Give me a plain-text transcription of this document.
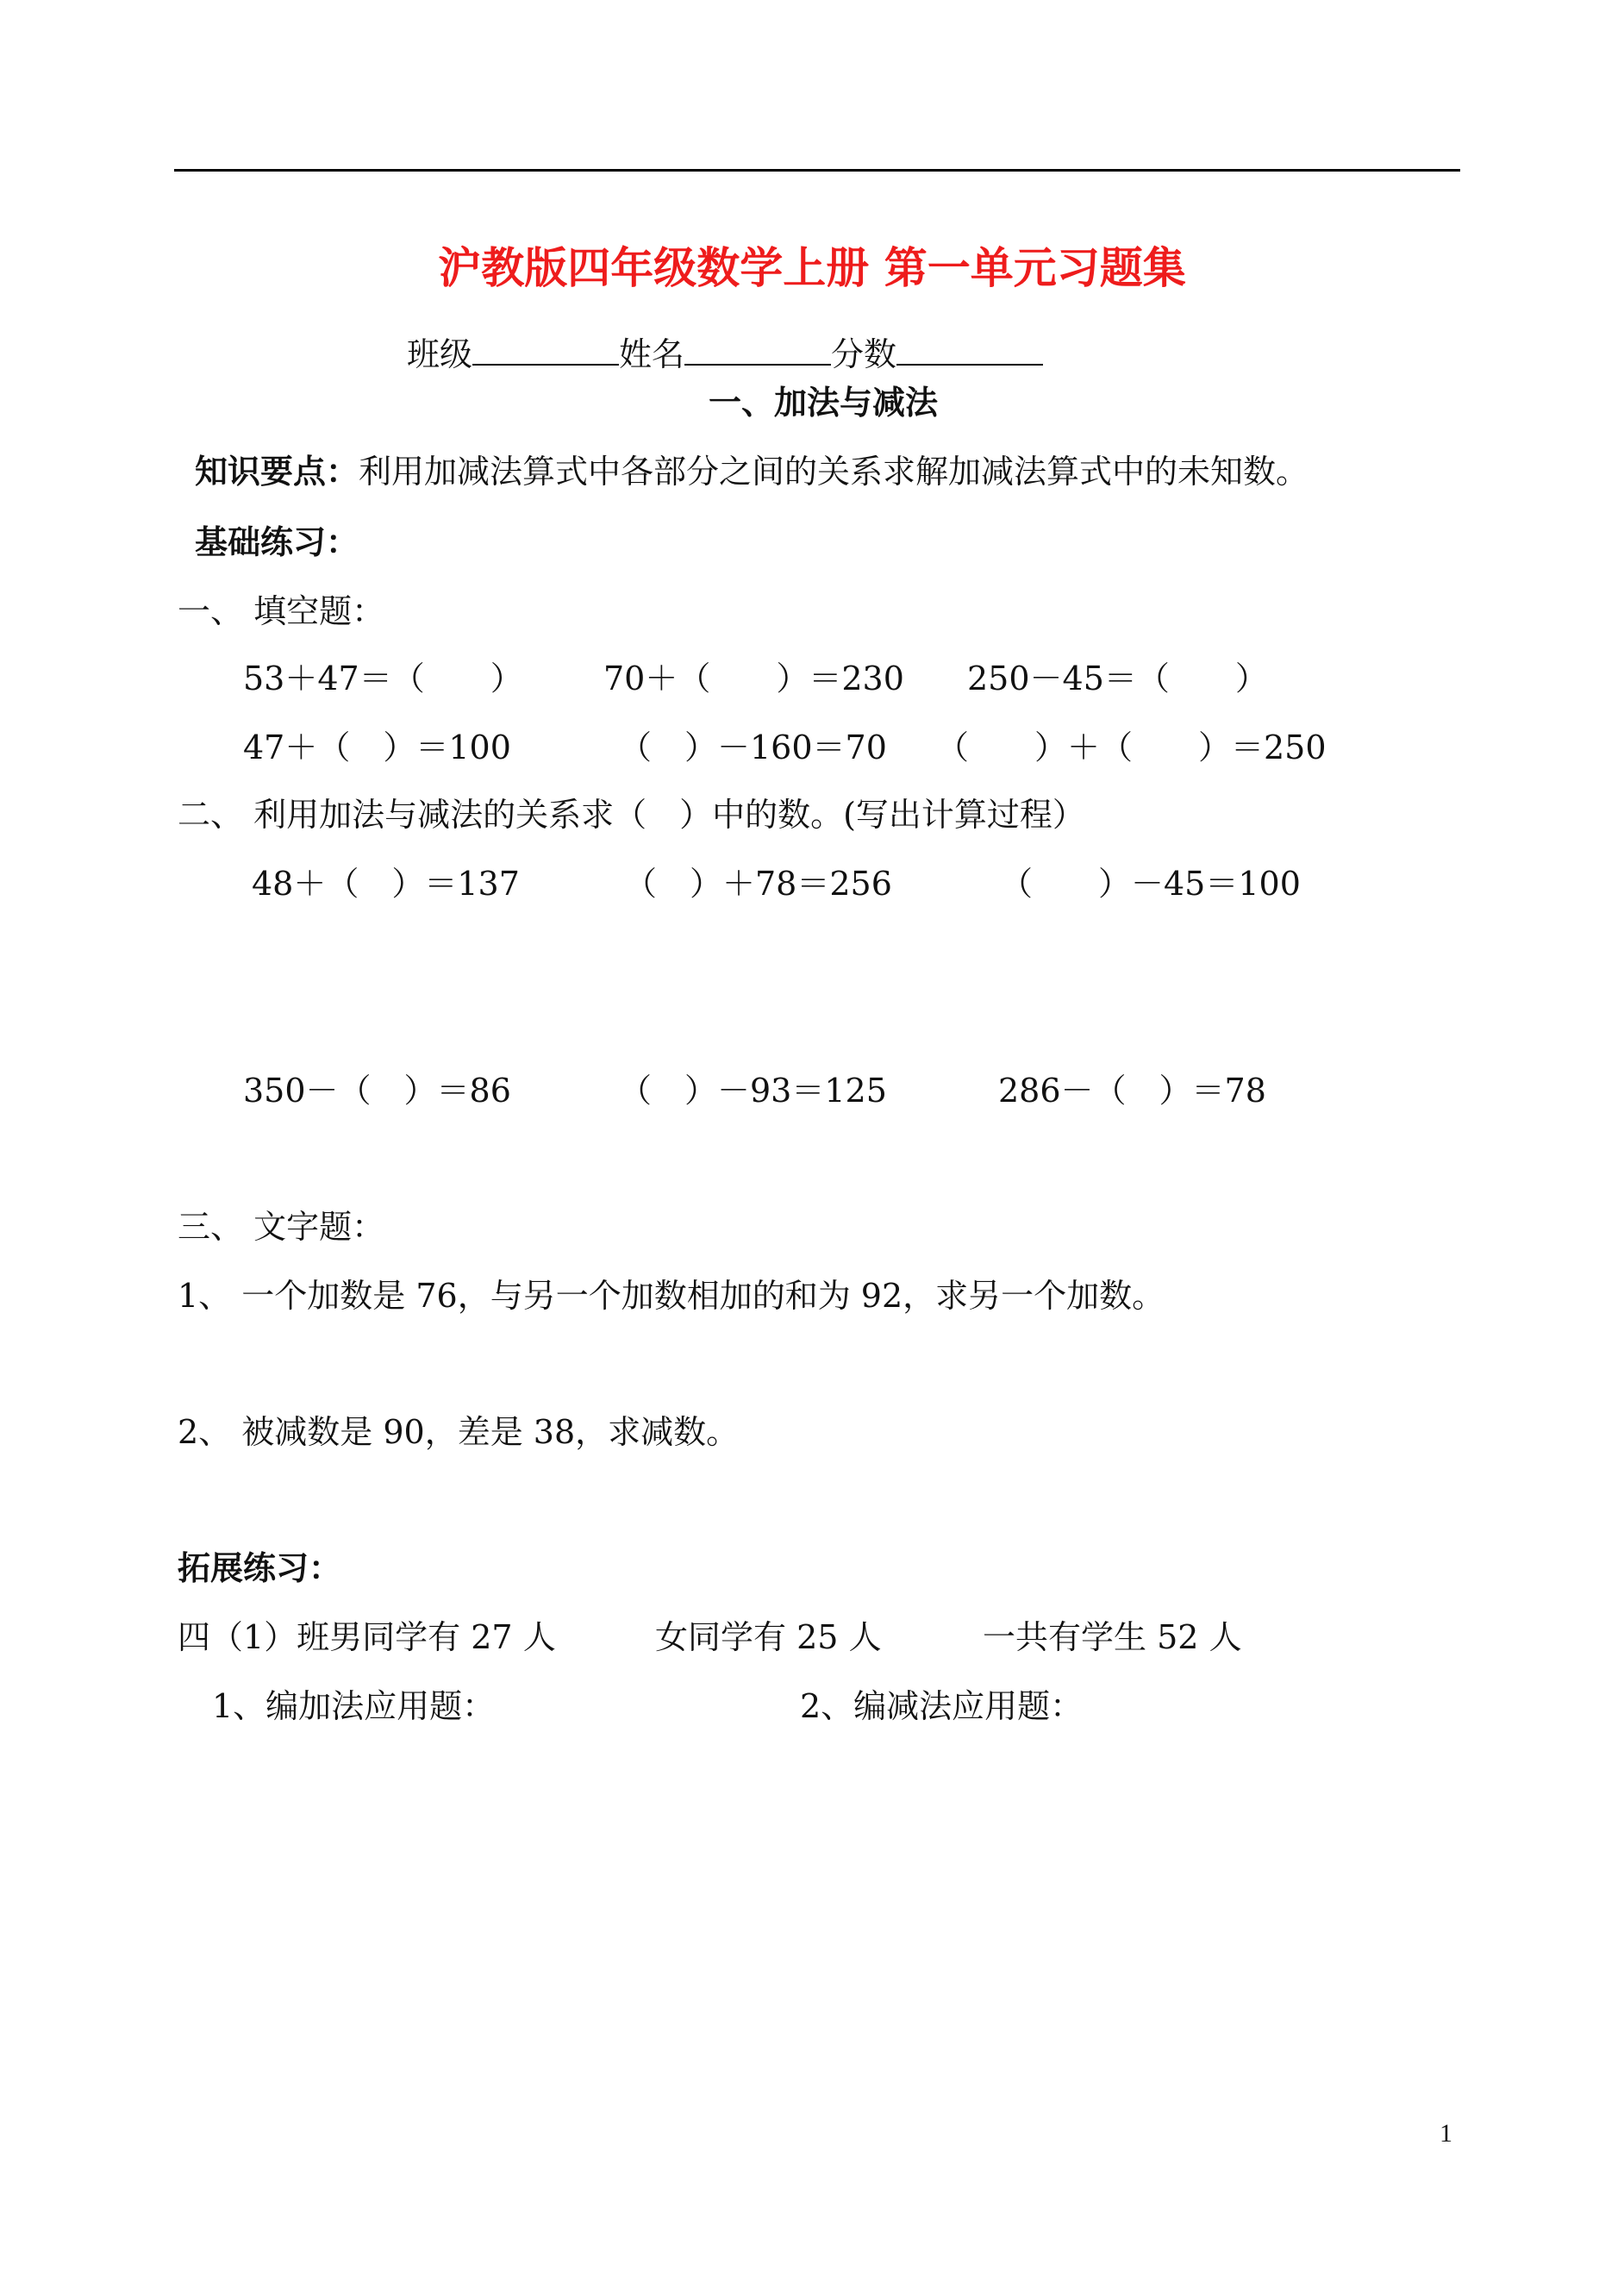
沪教版四年级数学上册 第一单元习题集
班级	姓名	分数
一、加法与减法
知识要点：利用加减法算式中各部分之间的关系求解加减法算式中的未知数。
基础练习：
一、 填空题：
53＋47＝（　　） 70＋（　　）＝230 250－45＝（　　）
47＋（　）＝100	（　）－160＝70 （　　）＋（　　）＝250
二、 利用加法与减法的关系求（　）中的数。(写出计算过程）
48＋（　）＝137	（　）＋78＝256	（　　）－45＝100
350－（　）＝86	（　）－93＝125	286－（　）＝78
三、 文字题：
1、 一个加数是 76，与另一个加数相加的和为 92，求另一个加数。
2、 被减数是 90，差是 38，求减数。
拓展练习：
四（1）班男同学有 27 人	女同学有 25 人	一共有学生 52 人
1、编加法应用题：	2、编减法应用题：
1
